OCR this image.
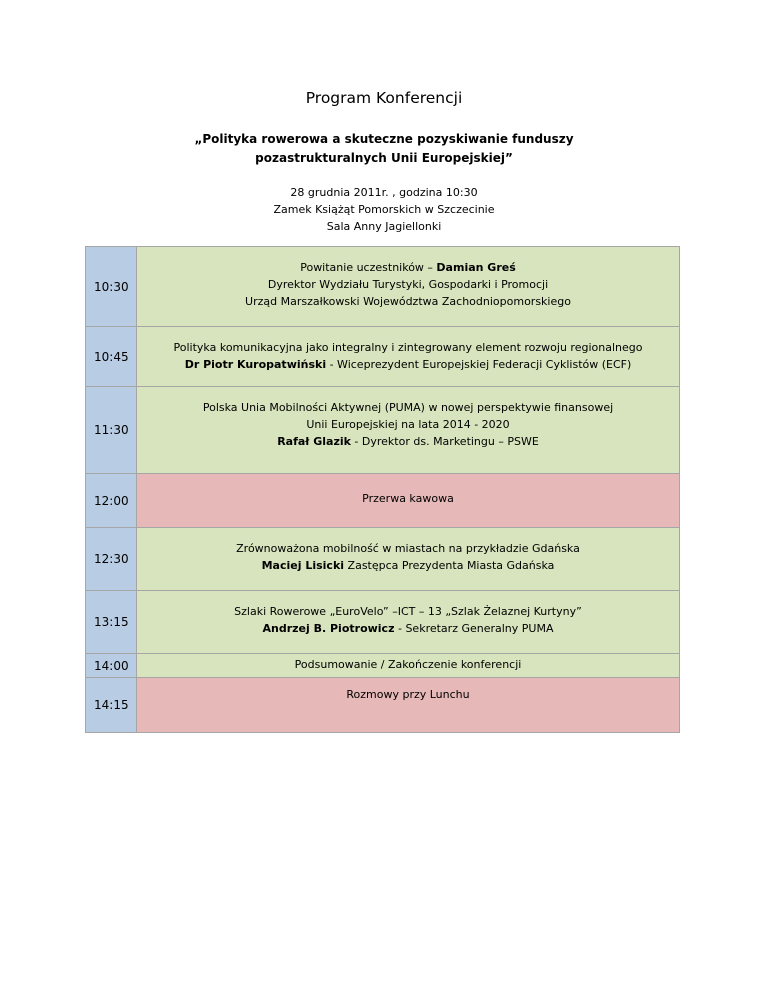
Program Konferencji
„Polityka rowerowa a skuteczne pozyskiwanie funduszy
pozastrukturalnych Unii Europejskiej”
28 grudnia 2011r. , godzina 10:30
Zamek Książąt Pomorskich w Szczecinie
Sala Anny Jagiellonki
10:30	Powitanie uczestników – Damian Greś
Dyrektor Wydziału Turystyki, Gospodarki i Promocji
Urząd Marszałkowski Województwa Zachodniopomorskiego

10:45	Polityka komunikacyjna jako integralny i zintegrowany element rozwoju regionalnego
Dr Piotr Kuropatwiński - Wiceprezydent Europejskiej Federacji Cyklistów (ECF)

11:30	Polska Unia Mobilności Aktywnej (PUMA) w nowej perspektywie finansowej
Unii Europejskiej na lata 2014 - 2020
Rafał Glazik - Dyrektor ds. Marketingu – PSWE

12:00	Przerwa kawowa

12:30	Zrównoważona mobilność w miastach na przykładzie Gdańska
Maciej Lisicki Zastępca Prezydenta Miasta Gdańska

13:15	Szlaki Rowerowe „EuroVelo” –ICT – 13 „Szlak Żelaznej Kurtyny”
Andrzej B. Piotrowicz - Sekretarz Generalny PUMA

14:00	Podsumowanie / Zakończenie konferencji

14:15	Rozmowy przy Lunchu
